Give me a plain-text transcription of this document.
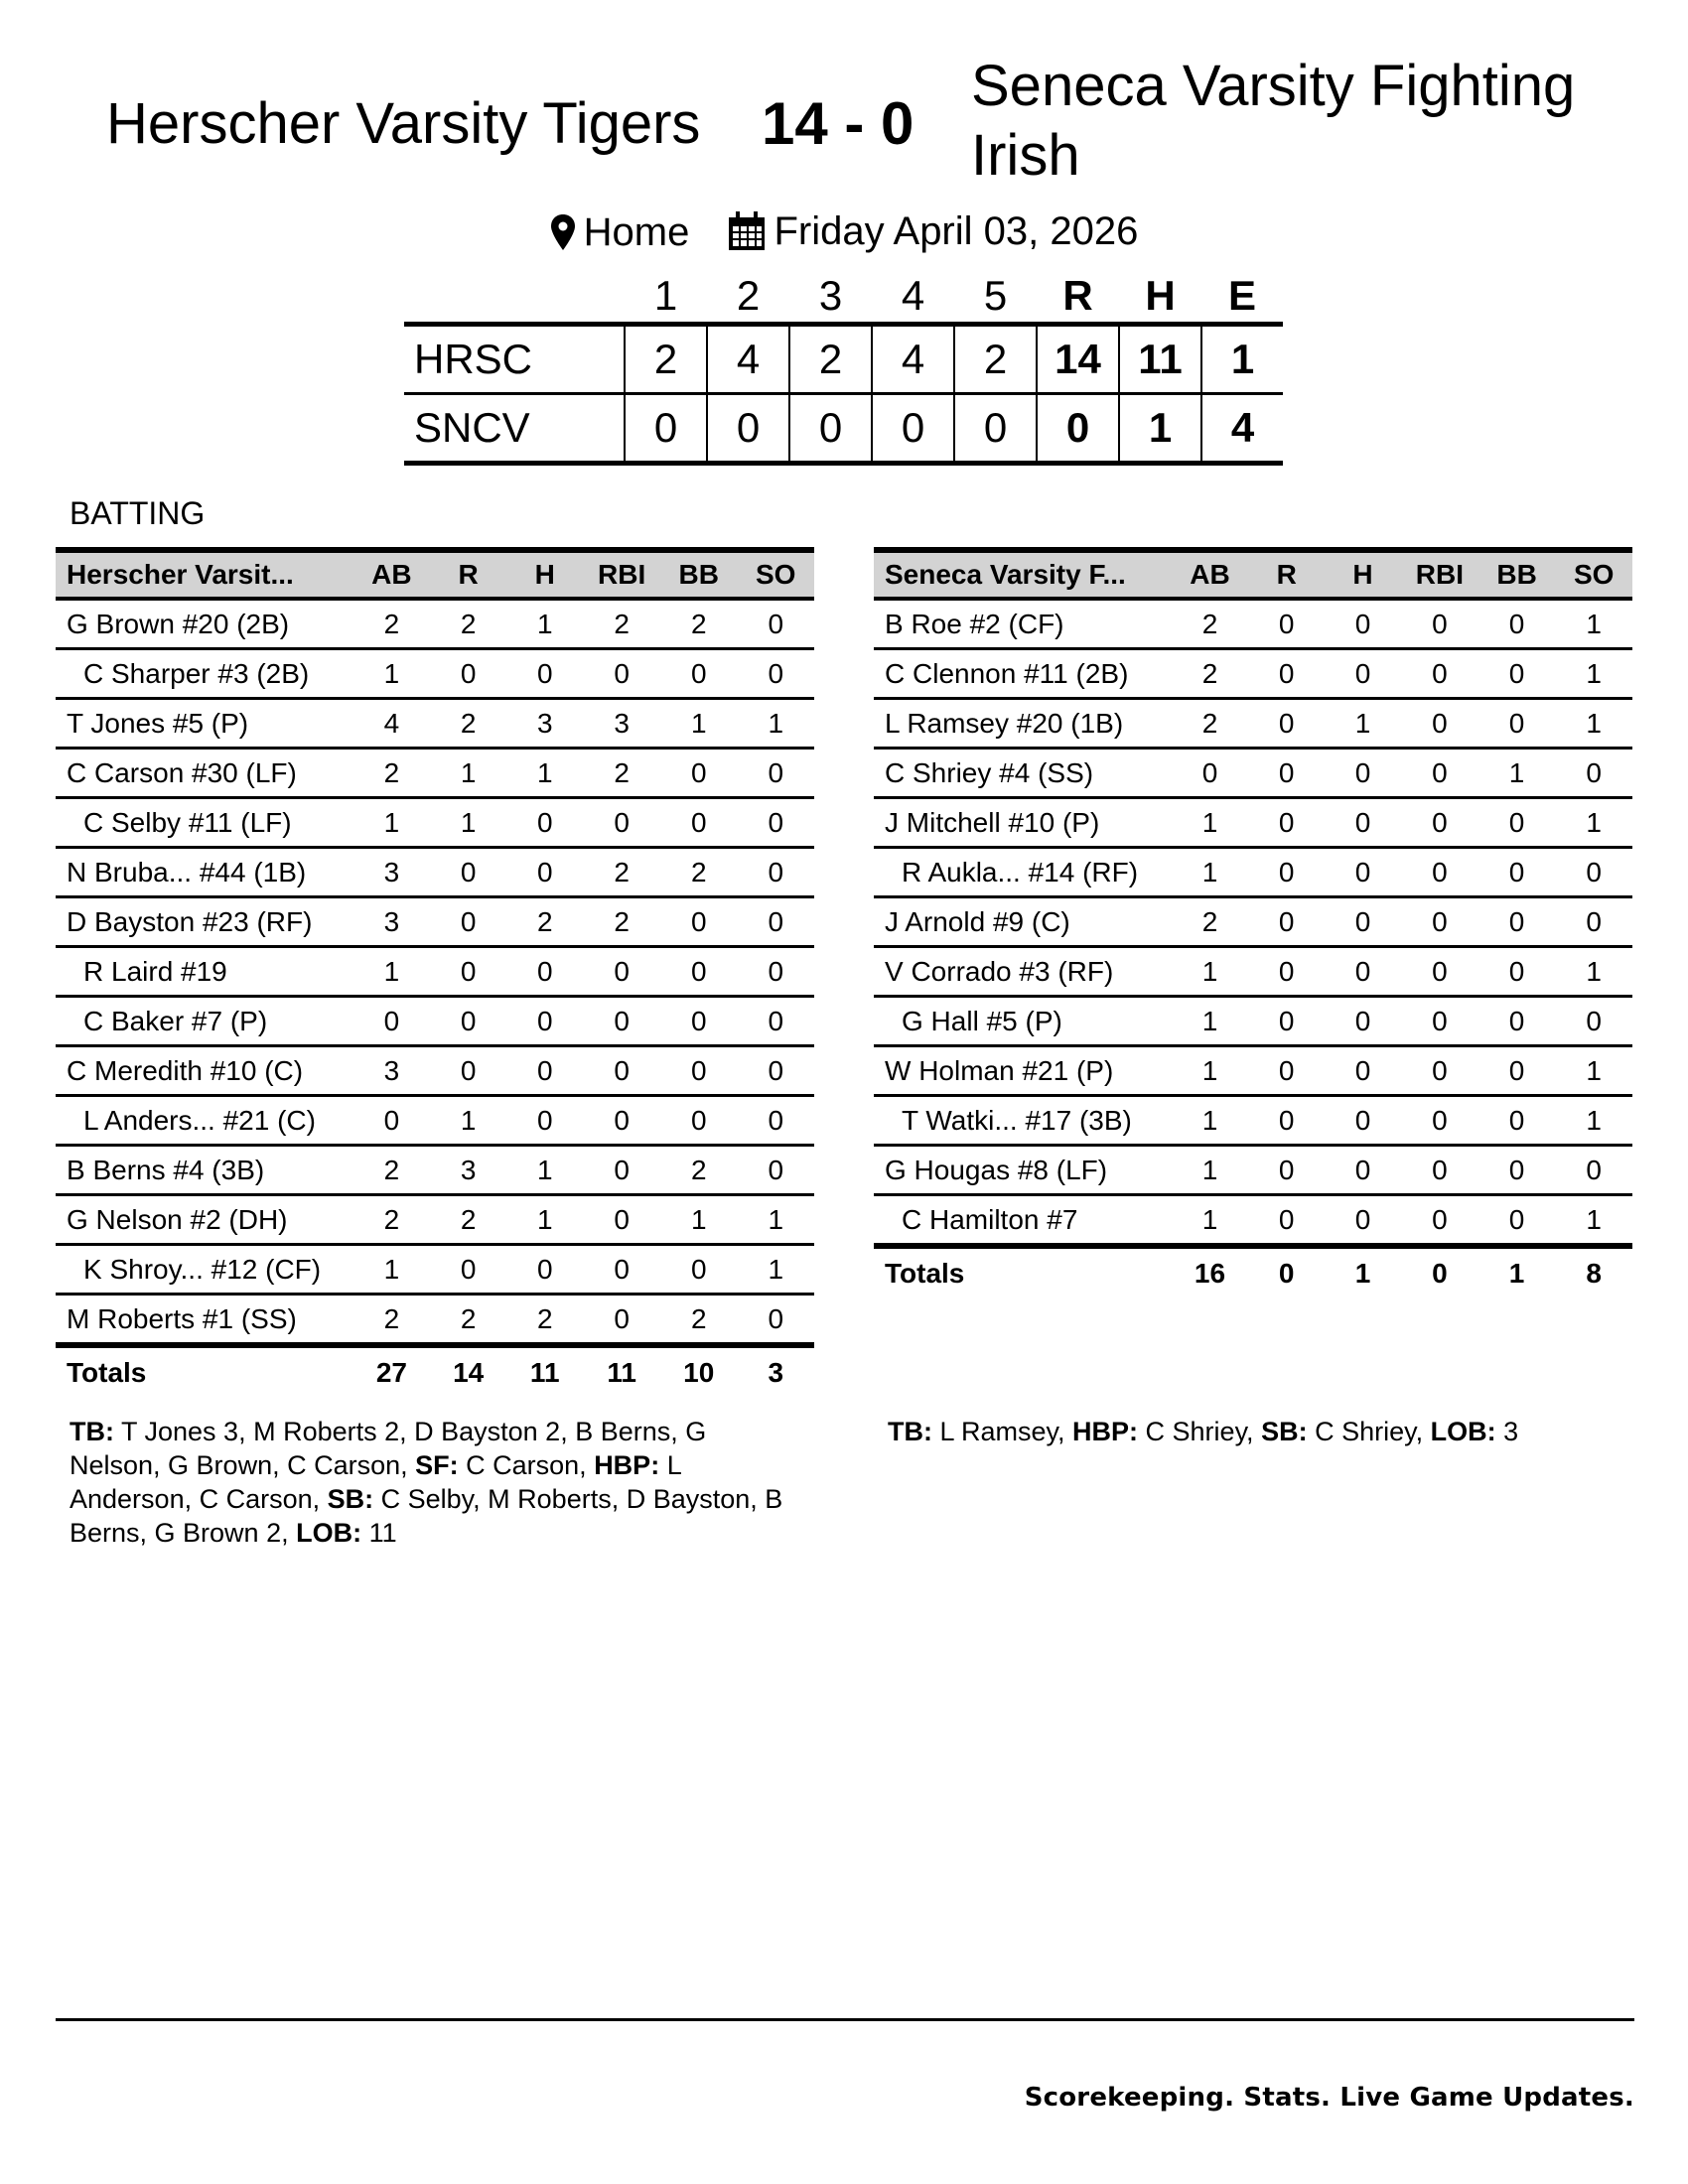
Herscher Varsity Tigers 14 - 0
Seneca Varsity Fighting Irish
Home
Friday April 03, 2026
	1	2	3	4	5	R	H	E
HRSC	2	4	2	4	2	14	11	1
SNCV	0	0	0	0	0	0	1	4
BATTING
Herscher Varsit...	AB	R	H	RBI	BB	SO
G Brown #20 (2B)	2	2	1	2	2	0
C Sharper #3 (2B)	1	0	0	0	0	0
T Jones #5 (P)	4	2	3	3	1	1
C Carson #30 (LF)	2	1	1	2	0	0
C Selby #11 (LF)	1	1	0	0	0	0
N Bruba... #44 (1B)	3	0	0	2	2	0
D Bayston #23 (RF)	3	0	2	2	0	0
R Laird #19	1	0	0	0	0	0
C Baker #7 (P)	0	0	0	0	0	0
C Meredith #10 (C)	3	0	0	0	0	0
L Anders... #21 (C)	0	1	0	0	0	0
B Berns #4 (3B)	2	3	1	0	2	0
G Nelson #2 (DH)	2	2	1	0	1	1
K Shroy... #12 (CF)	1	0	0	0	0	1
M Roberts #1 (SS)	2	2	2	0	2	0
Totals	27	14	11	11	10	3
Seneca Varsity F...	AB	R	H	RBI	BB	SO
B Roe #2 (CF)	2	0	0	0	0	1
C Clennon #11 (2B)	2	0	0	0	0	1
L Ramsey #20 (1B)	2	0	1	0	0	1
C Shriey #4 (SS)	0	0	0	0	1	0
J Mitchell #10 (P)	1	0	0	0	0	1
R Aukla... #14 (RF)	1	0	0	0	0	0
J Arnold #9 (C)	2	0	0	0	0	0
V Corrado #3 (RF)	1	0	0	0	0	1
G Hall #5 (P)	1	0	0	0	0	0
W Holman #21 (P)	1	0	0	0	0	1
T Watki... #17 (3B)	1	0	0	0	0	1
G Hougas #8 (LF)	1	0	0	0	0	0
C Hamilton #7	1	0	0	0	0	1
Totals	16	0	1	0	1	8
TB: T Jones 3, M Roberts 2, D Bayston 2, B Berns, G Nelson, G Brown, C Carson, SF: C Carson, HBP: L Anderson, C Carson, SB: C Selby, M Roberts, D Bayston, B Berns, G Brown 2, LOB: 11
TB: L Ramsey, HBP: C Shriey, SB: C Shriey, LOB: 3
Scorekeeping. Stats. Live Game Updates.
